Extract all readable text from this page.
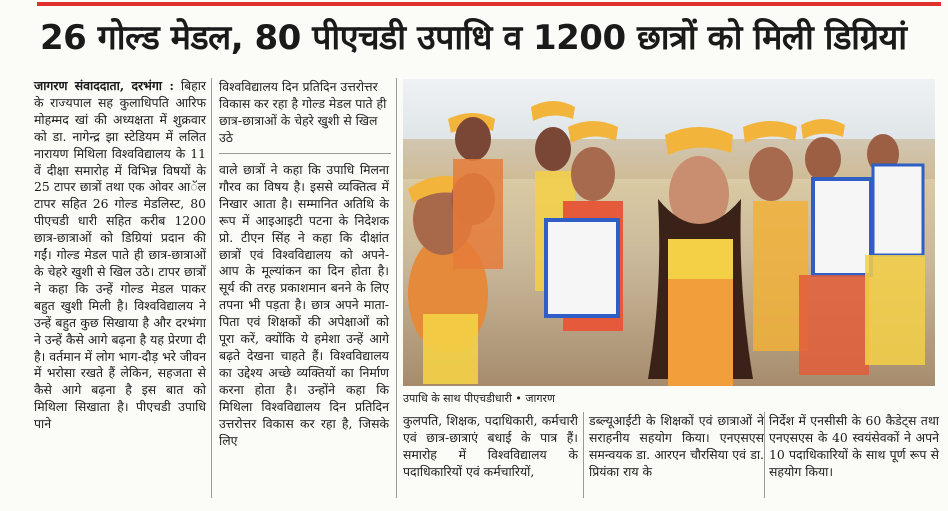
26 गोल्ड मेडल, 80 पीएचडी उपाधि व 1200 छात्रों को मिली डिग्रियां

जागरण संवाददाता, दरभंगा : बिहार के राज्यपाल सह कुलाधिपति आरिफ मोहम्मद खां की अध्यक्षता में शुक्रवार को डा. नागेन्द्र झा स्टेडियम में ललित नारायण मिथिला विश्वविद्यालय के 11 वें दीक्षा समारोह में विभिन्न विषयों के 25 टापर छात्रों तथा एक ओवर आॅल टापर सहित 26 गोल्ड मेडलिस्ट, 80 पीएचडी धारी सहित करीब 1200 छात्र-छात्राओं को डिग्रियां प्रदान की गईं। गोल्ड मेडल पाते ही छात्र-छात्राओं के चेहरे खुशी से खिल उठे। टापर छात्रों ने कहा कि उन्हें गोल्ड मेडल पाकर बहुत खुशी मिली है। विश्वविद्यालय ने उन्हें बहुत कुछ सिखाया है और दरभंगा ने उन्हें कैसे आगे बढ़ना है यह प्रेरणा दी है। वर्तमान में लोग भाग-दौड़ भरे जीवन में भरोसा रखते हैं लेकिन, सहजता से कैसे आगे बढ़ना है इस बात को मिथिला सिखाता है। पीएचडी उपाधि पाने

विश्वविद्यालय दिन प्रतिदिन उत्तरोत्तर विकास कर रहा है गोल्ड मेडल पाते ही छात्र-छात्राओं के चेहरे खुशी से खिल उठे

वाले छात्रों ने कहा कि उपाधि मिलना गौरव का विषय है। इससे व्यक्तित्व में निखार आता है। सम्मानित अतिथि के रूप में आइआइटी पटना के निदेशक प्रो. टीएन सिंह ने कहा कि दीक्षांत छात्रों एवं विश्वविद्यालय को अपने-आप के मूल्यांकन का दिन होता है। सूर्य की तरह प्रकाशमान बनने के लिए तपना भी पड़ता है। छात्र अपने माता-पिता एवं शिक्षकों की अपेक्षाओं को पूरा करें, क्योंकि ये हमेशा उन्हें आगे बढ़ते देखना चाहते हैं। विश्वविद्यालय का उद्देश्य अच्छे व्यक्तियों का निर्माण करना होता है। उन्होंने कहा कि मिथिला विश्वविद्यालय दिन प्रतिदिन उत्तरोत्तर विकास कर रहा है, जिसके लिए

उपाधि के साथ पीएचडीधारी • जागरण

कुलपति, शिक्षक, पदाधिकारी, कर्मचारी एवं छात्र-छात्राएं बधाई के पात्र हैं। समारोह में विश्वविद्यालय के पदाधिकारियों एवं कर्मचारियों,

डब्ल्यूआईटी के शिक्षकों एवं छात्राओं ने सराहनीय सहयोग किया। एनएसएस समन्वयक डा. आरएन चौरसिया एवं डा. प्रियंका राय के

निर्देश में एनसीसी के 60 कैडेट्स तथा एनएसएस के 40 स्वयंसेवकों ने अपने 10 पदाधिकारियों के साथ पूर्ण रूप से सहयोग किया।
